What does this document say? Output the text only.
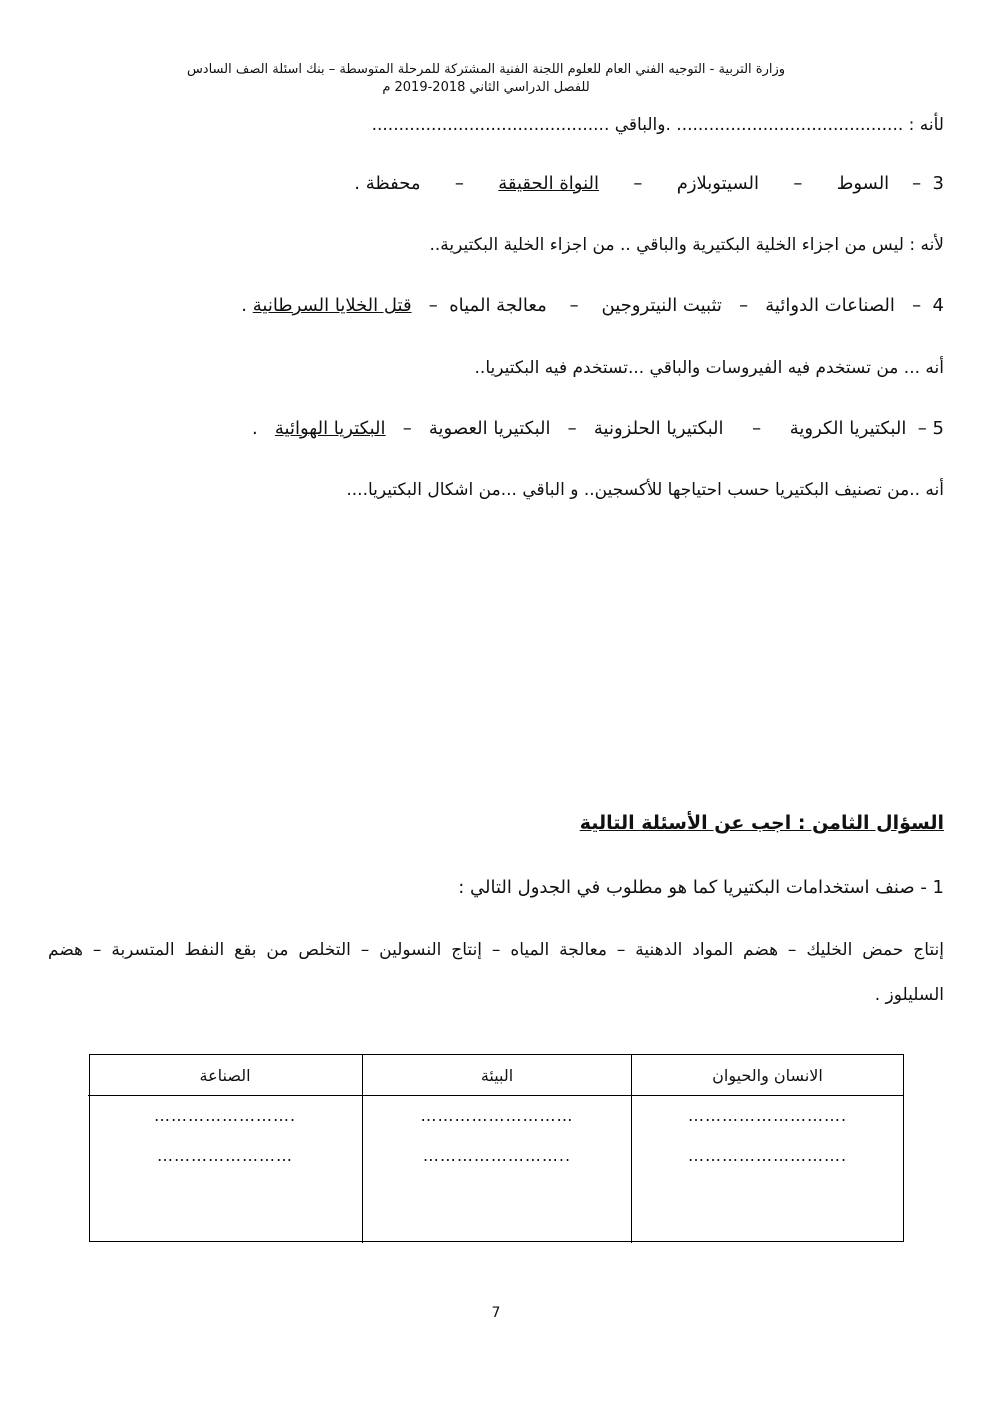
وزارة التربية - التوجيه الفني العام للعلوم اللجنة الفنية المشتركة للمرحلة المتوسطة – بنك اسئلة الصف السادس
للفصل الدراسي الثاني 2018-2019 م
لأنه : .......................................... .والباقي ............................................
3  –    السوط      –      السيتوبلازم      –      النواة الحقيقة      –      محفظة .
لأنه : ليس من اجزاء الخلية البكتيرية والباقي .. من اجزاء الخلية البكتيرية..
4  –   الصناعات الدوائية   –   تثبيت النيتروجين    –    معالجة المياه  –   قتل الخلايا السرطانية .
أنه ... من تستخدم فيه الفيروسات والباقي ...تستخدم فيه البكتيريا..
5 –  البكتيريا الكروية     –     البكتيريا الحلزونية   –   البكتيريا العصوية   –   البكتريا الهوائية   .
أنه ..من تصنيف البكتيريا حسب احتياجها للأكسجين.. و الباقي ...من اشكال البكتيريا....
السؤال الثامن : اجب عن الأسئلة التالية
1 - صنف استخدامات البكتيريا كما هو مطلوب في الجدول التالي :
إنتاج حمض الخليك – هضم المواد الدهنية – معالجة المياه – إنتاج النسولين – التخلص من بقع النفط المتسربة – هضم
السليلوز .
الانسان والحيوان
البيئة
الصناعة
……………………….
……………………….
………………………
……………………..
…………………….
……………………
7
